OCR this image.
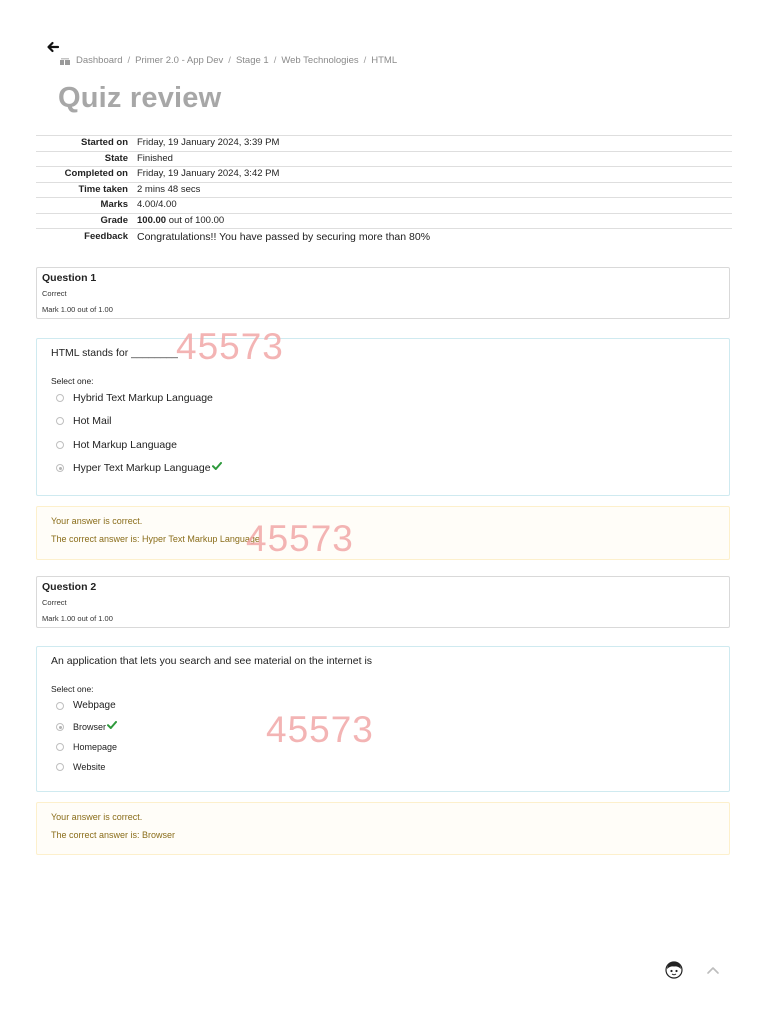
Dashboard / Primer 2.0 - App Dev / Stage 1 / Web Technologies / HTML
Quiz review
Started on	Friday, 19 January 2024, 3:39 PM
State	Finished
Completed on	Friday, 19 January 2024, 3:42 PM
Time taken	2 mins 48 secs
Marks	4.00/4.00
Grade	100.00 out of 100.00
Feedback	Congratulations!! You have passed by securing more than 80%
Question 1
Correct
Mark 1.00 out of 1.00
HTML stands for ________
Select one:
Hybrid Text Markup Language
Hot Mail
Hot Markup Language
Hyper Text Markup Language
Your answer is correct.
The correct answer is: Hyper Text Markup Language
Question 2
Correct
Mark 1.00 out of 1.00
An application that lets you search and see material on the internet is
Select one:
Webpage
Browser
Homepage
Website
Your answer is correct.
The correct answer is: Browser
45573
45573
45573
